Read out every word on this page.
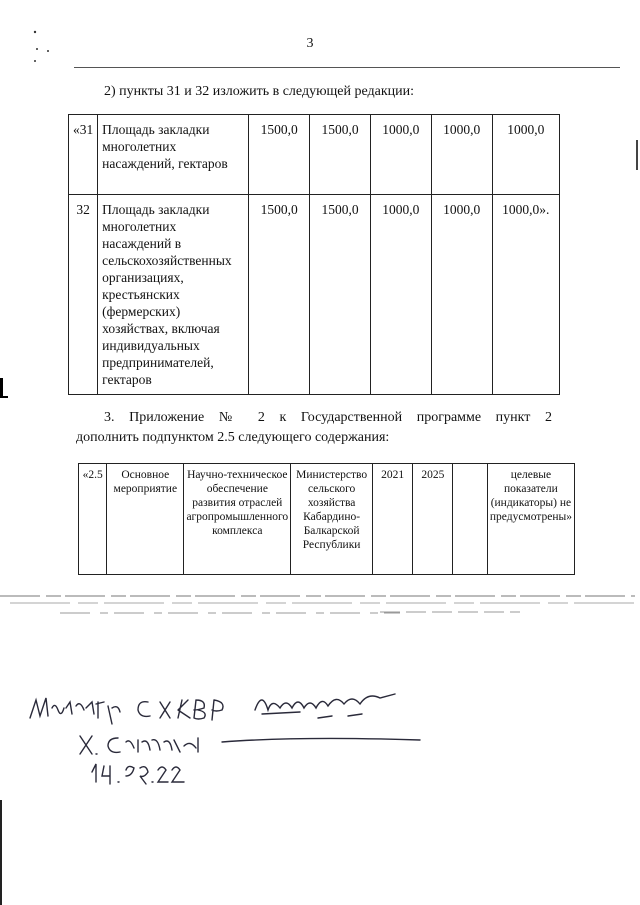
3
2) пункты 31 и 32 изложить в следующей редакции:
«31	Площадь закладки многолетних насаждений, гектаров	1500,0	1500,0	1000,0	1000,0	1000,0
32	Площадь закладки многолетних насаждений в сельскохозяйственных организациях, крестьянских (фермерских) хозяйствах, включая индивидуальных предпринимателей, гектаров	1500,0	1500,0	1000,0	1000,0	1000,0».
3. Приложение № 2 к Государственной программе пункт 2
дополнить подпунктом 2.5 следующего содержания:
«2.5	Основное мероприятие	Научно-техническое обеспечение развития отраслей агропромышленного комплекса	Министерство сельского хозяйства Кабардино-Балкарской Республики	2021	2025		целевые показатели (индикаторы) не предусмотрены»
